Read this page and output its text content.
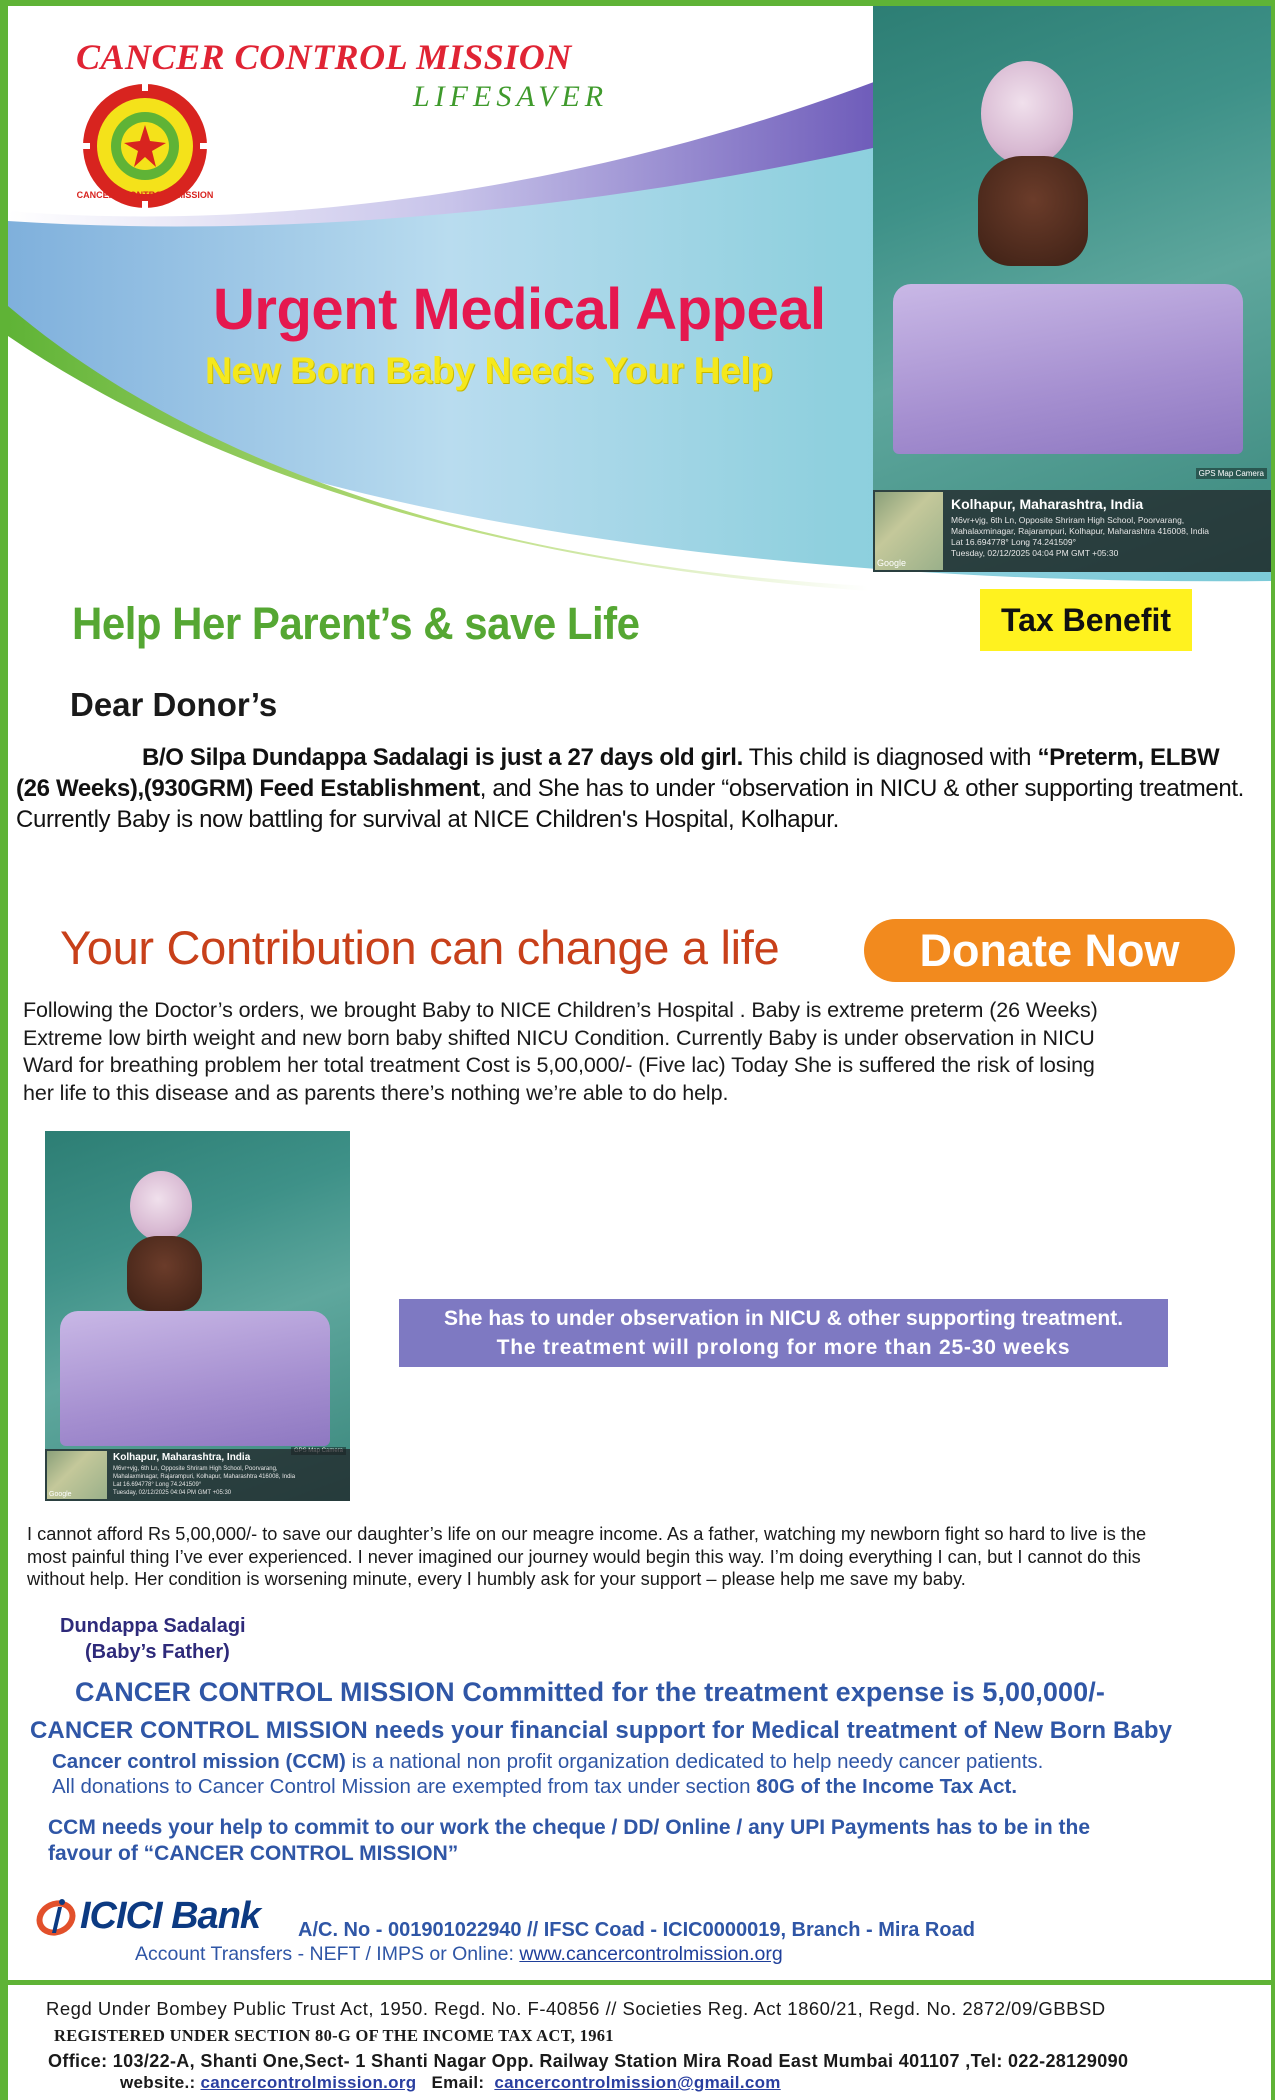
CANCER CONTROL MISSION
LIFESAVER
CANCER - CONTROL - MISSION
Urgent Medical Appeal
New Born Baby Needs Your Help
GPS Map Camera
Google
Kolhapur, Maharashtra, India
M6vr+vjg, 6th Ln, Opposite Shriram High School, Poorvarang,
Mahalaxminagar, Rajarampuri, Kolhapur, Maharashtra 416008, India
Lat 16.694778° Long 74.241509°
Tuesday, 02/12/2025 04:04 PM GMT +05:30
Help Her Parent’s & save Life	Tax Benefit
Dear Donor’s
B/O Silpa Dundappa Sadalagi is just a 27 days old girl. This child is diagnosed with “Preterm, ELBW
(26 Weeks),(930GRM) Feed Establishment, and She has to under “observation in NICU & other supporting treatment.
Currently Baby is now battling for survival at NICE Children's Hospital, Kolhapur.
Your Contribution can change a life	Donate Now
Following the Doctor’s orders, we brought Baby to NICE Children’s Hospital . Baby is extreme preterm (26 Weeks)
Extreme low birth weight and new born baby shifted NICU Condition. Currently Baby is under observation in NICU
Ward for breathing problem her total treatment Cost is 5,00,000/- (Five lac) Today She is suffered the risk of losing
her life to this disease and as parents there’s nothing we’re able to do help.
Google
Kolhapur, Maharashtra, India
M6vr+vjg, 6th Ln, Opposite Shriram High School, Poorvarang,
Mahalaxminagar, Rajarampuri, Kolhapur, Maharashtra 416008, India
Lat 16.694778° Long 74.241509°
Tuesday, 02/12/2025 04:04 PM GMT +05:30
She has to under observation in NICU & other supporting treatment.
The treatment will prolong for more than 25-30 weeks
I cannot afford Rs 5,00,000/- to save our daughter’s life on our meagre income. As a father, watching my newborn fight so hard to live is the
most painful thing I’ve ever experienced. I never imagined our journey would begin this way. I’m doing everything I can, but I cannot do this
without help. Her condition is worsening minute, every I humbly ask for your support – please help me save my baby.
Dundappa Sadalagi
(Baby’s Father)
CANCER CONTROL MISSION Committed for the treatment expense is 5,00,000/-
CANCER CONTROL MISSION needs your financial support for Medical treatment of New Born Baby
Cancer control mission (CCM) is a national non profit organization dedicated to help needy cancer patients.
All donations to Cancer Control Mission are exempted from tax under section 80G of the Income Tax Act.
CCM needs your help to commit to our work the cheque / DD/ Online / any UPI Payments has to be in the
favour of “CANCER CONTROL MISSION”
ICICI Bank A/C. No - 001901022940 // IFSC Coad - ICIC0000019, Branch - Mira Road
Account Transfers - NEFT / IMPS or Online: www.cancercontrolmission.org
Regd Under Bombey Public Trust Act, 1950. Regd. No. F-40856 // Societies Reg. Act 1860/21, Regd. No. 2872/09/GBBSD
REGISTERED UNDER SECTION 80-G OF THE INCOME TAX ACT, 1961
Office: 103/22-A, Shanti One,Sect- 1 Shanti Nagar Opp. Railway Station Mira Road East Mumbai 401107 ,Tel: 022-28129090
website.: cancercontrolmission.org   Email:  cancercontrolmission@gmail.com
